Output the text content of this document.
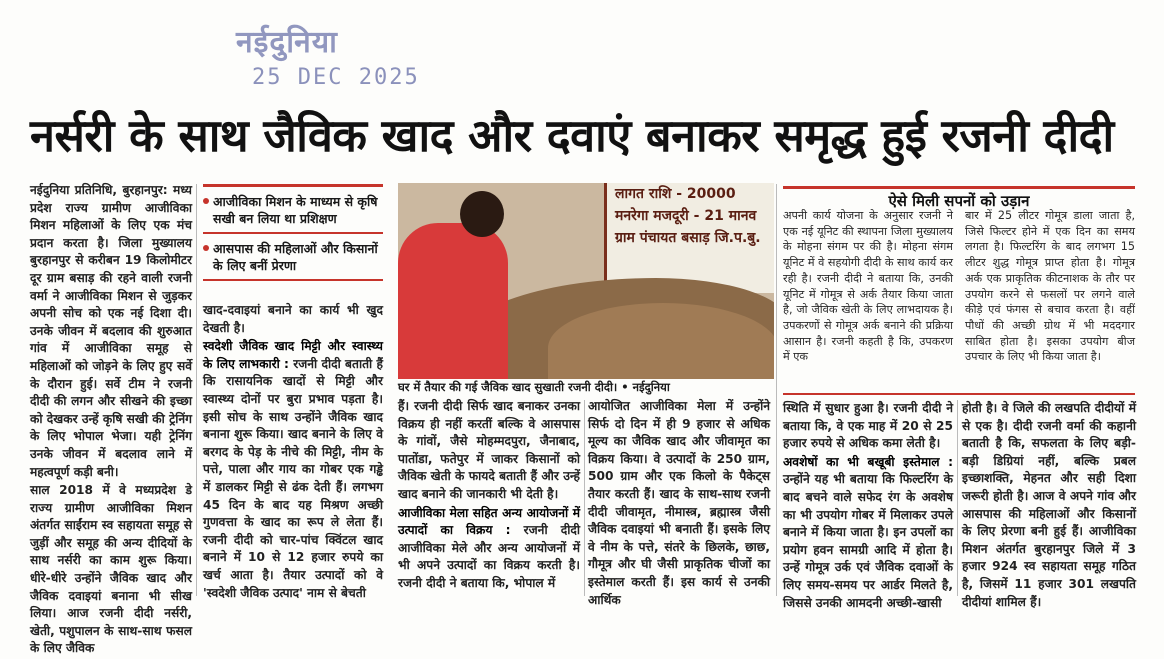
नईदुनिया
25 DEC 2025
नर्सरी के साथ जैविक खाद और दवाएं बनाकर समृद्ध हुई रजनी दीदी

नईदुनिया प्रतिनिधि, बुरहानपुर: मध्य प्रदेश राज्य ग्रामीण आजीविका मिशन महिलाओं के लिए एक मंच प्रदान करता है। जिला मुख्यालय बुरहानपुर से करीबन 19 किलोमीटर दूर ग्राम बसाड़ की रहने वाली रजनी वर्मा ने आजीविका मिशन से जुड़कर अपनी सोच को एक नई दिशा दी। उनके जीवन में बदलाव की शुरुआत गांव में आजीविका समूह से महिलाओं को जोड़ने के लिए हुए सर्वे के दौरान हुई। सर्वे टीम ने रजनी दीदी की लगन और सीखने की इच्छा को देखकर उन्हें कृषि सखी की ट्रेनिंग के लिए भोपाल भेजा। यही ट्रेनिंग उनके जीवन में बदलाव लाने में महत्वपूर्ण कड़ी बनी।

साल 2018 में वे मध्यप्रदेश डे राज्य ग्रामीण आजीविका मिशन अंतर्गत साईंराम स्व सहायता समूह से जुड़ीं और समूह की अन्य दीदियों के साथ नर्सरी का काम शुरू किया। धीरे-धीरे उन्होंने जैविक खाद और जैविक दवाइयां बनाना भी सीख लिया। आज रजनी दीदी नर्सरी, खेती, पशुपालन के साथ-साथ फसल के लिए जैविक

आजीविका मिशन के माध्यम से कृषि सखी बन लिया था प्रशिक्षण
आसपास की महिलाओं और किसानों के लिए बनीं प्रेरणा

खाद-दवाइयां बनाने का कार्य भी खुद देखती है।

स्वदेशी जैविक खाद मिट्टी और स्वास्थ्य के लिए लाभकारी : रजनी दीदी बताती हैं कि रासायनिक खादों से मिट्टी और स्वास्थ्य दोनों पर बुरा प्रभाव पड़ता है। इसी सोच के साथ उन्होंने जैविक खाद बनाना शुरू किया। खाद बनाने के लिए वे बरगद के पेड़ के नीचे की मिट्टी, नीम के पत्ते, पाला और गाय का गोबर एक गड्ढे में डालकर मिट्टी से ढंक देती हैं। लगभग 45 दिन के बाद यह मिश्रण अच्छी गुणवत्ता के खाद का रूप ले लेता हैं। रजनी दीदी को चार-पांच क्विंटल खाद बनाने में 10 से 12 हजार रुपये का खर्च आता है। तैयार उत्पादों को वे 'स्वदेशी जैविक उत्पाद' नाम से बेचती

लागत राशि - 20000
मनरेगा मजदूरी - 21 मानव
ग्राम पंचायत बसाड़ जि.प.बु.
घर में तैयार की गई जैविक खाद सुखाती रजनी दीदी। • नईदुनिया

हैं। रजनी दीदी सिर्फ खाद बनाकर उनका विक्रय ही नहीं करतीं बल्कि वे आसपास के गांवों, जैसे मोहम्मदपुरा, जैनाबाद, पातोंडा, फतेपुर में जाकर किसानों को जैविक खेती के फायदे बताती हैं और उन्हें खाद बनाने की जानकारी भी देती है।

आजीविका मेला सहित अन्य आयोजनों में उत्पादों का विक्रय : रजनी दीदी आजीविका मेले और अन्य आयोजनों में भी अपने उत्पादों का विक्रय करती है। रजनी दीदी ने बताया कि, भोपाल में

आयोजित आजीविका मेला में उन्होंने सिर्फ दो दिन में ही 9 हजार से अधिक मूल्य का जैविक खाद और जीवामृत का विक्रय किया। वे उत्पादों के 250 ग्राम, 500 ग्राम और एक किलो के पैकेट्स तैयार करती हैं। खाद के साथ-साथ रजनी दीदी जीवामृत, नीमास्त्र, ब्रह्मास्त्र जैसी जैविक दवाइयां भी बनाती हैं। इसके लिए वे नीम के पत्ते, संतरे के छिलके, छाछ, गौमूत्र और घी जैसी प्राकृतिक चीजों का इस्तेमाल करती हैं। इस कार्य से उनकी आर्थिक

ऐसे मिली सपनों को उड़ान
अपनी कार्य योजना के अनुसार रजनी ने एक नई यूनिट की स्थापना जिला मुख्यालय के मोहना संगम पर की है। मोहना संगम यूनिट में वे सहयोगी दीदी के साथ कार्य कर रही है। रजनी दीदी ने बताया कि, उनकी यूनिट में गोमूत्र से अर्क तैयार किया जाता है, जो जैविक खेती के लिए लाभदायक है। उपकरणों से गोमूत्र अर्क बनाने की प्रक्रिया आसान है। रजनी कहती है कि, उपकरण में एक
बार में 25 लीटर गोमूत्र डाला जाता है, जिसे फिल्टर होने में एक दिन का समय लगता है। फिल्टरिंग के बाद लगभग 15 लीटर शुद्ध गोमूत्र प्राप्त होता है। गोमूत्र अर्क एक प्राकृतिक कीटनाशक के तौर पर उपयोग करने से फसलों पर लगने वाले कीड़े एवं फंगस से बचाव करता है। वहीं पौधों की अच्छी ग्रोथ में भी मददगार साबित होता है। इसका उपयोग बीज उपचार के लिए भी किया जाता है।

स्थिति में सुधार हुआ है। रजनी दीदी ने बताया कि, वे एक माह में 20 से 25 हजार रुपये से अधिक कमा लेती है।

अवशेषों का भी बखूबी इस्तेमाल : उन्होंने यह भी बताया कि फिल्टरिंग के बाद बचने वाले सफेद रंग के अवशेष का भी उपयोग गोबर में मिलाकर उपले बनाने में किया जाता है। इन उपलों का प्रयोग हवन सामग्री आदि में होता है। उन्हें गोमूत्र उर्क एवं जैविक दवाओं के लिए समय-समय पर आर्डर मिलते है, जिससे उनकी आमदनी अच्छी-खासी

होती है। वे जिले की लखपति दीदीयों में से एक है। दीदी रजनी वर्मा की कहानी बताती है कि, सफलता के लिए बड़ी-बड़ी डिग्रियां नहीं, बल्कि प्रबल इच्छाशक्ति, मेहनत और सही दिशा जरूरी होती है। आज वे अपने गांव और आसपास की महिलाओं और किसानों के लिए प्रेरणा बनी हुई हैं। आजीविका मिशन अंतर्गत बुरहानपुर जिले में 3 हजार 924 स्व सहायता समूह गठित है, जिसमें 11 हजार 301 लखपति दीदीयां शामिल हैं।
